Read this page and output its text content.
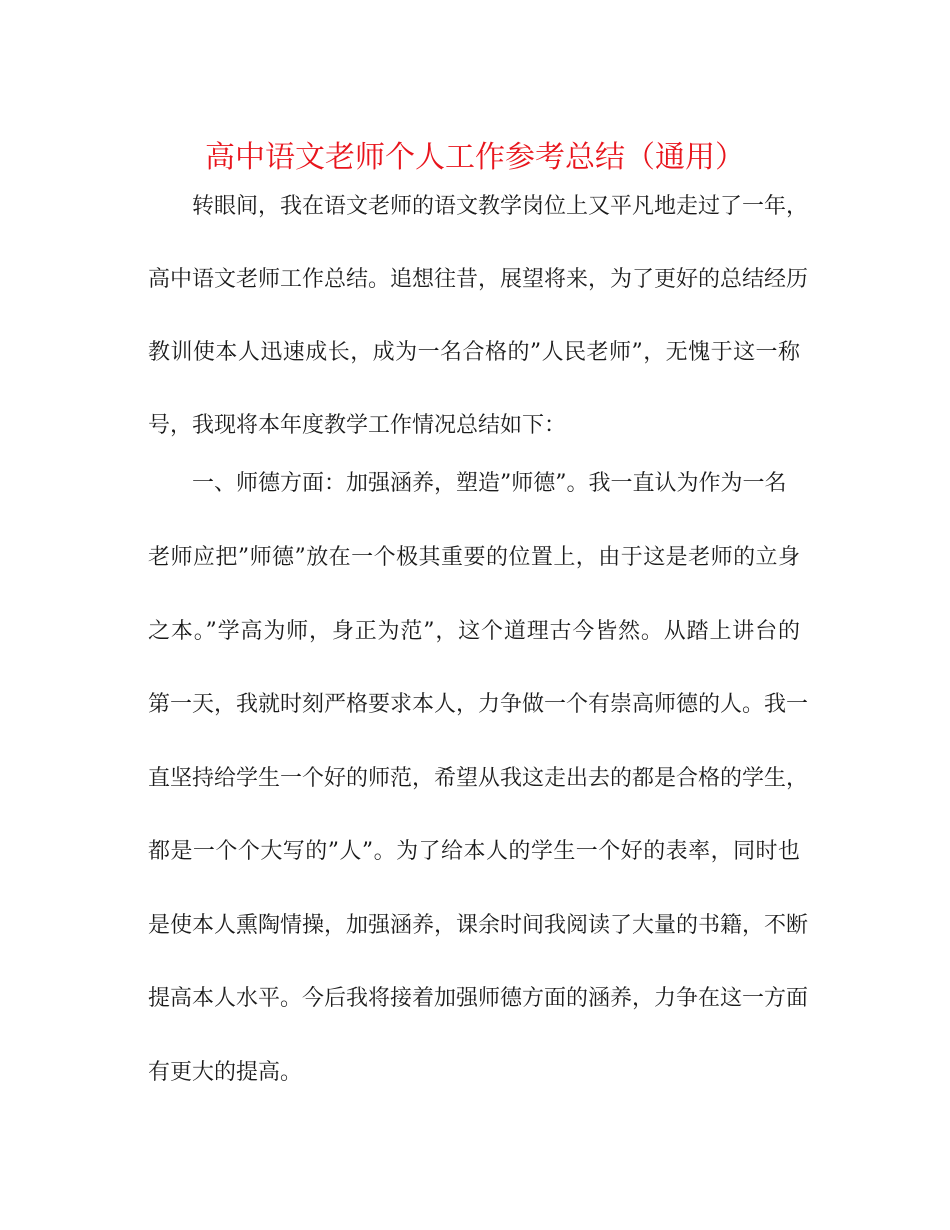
高中语文老师个人工作参考总结（通用）
转眼间，我在语文老师的语文教学岗位上又平凡地走过了一年，
高中语文老师工作总结。追想往昔，展望将来，为了更好的总结经历
教训使本人迅速成长，成为一名合格的”人民老师”，无愧于这一称
号，我现将本年度教学工作情况总结如下：
一、师德方面：加强涵养，塑造”师德”。我一直认为作为一名
老师应把”师德”放在一个极其重要的位置上，由于这是老师的立身
之本。”学高为师，身正为范”，这个道理古今皆然。从踏上讲台的
第一天，我就时刻严格要求本人，力争做一个有崇高师德的人。我一
直坚持给学生一个好的师范，希望从我这走出去的都是合格的学生，
都是一个个大写的”人”。为了给本人的学生一个好的表率，同时也
是使本人熏陶情操，加强涵养，课余时间我阅读了大量的书籍，不断
提高本人水平。今后我将接着加强师德方面的涵养，力争在这一方面
有更大的提高。
